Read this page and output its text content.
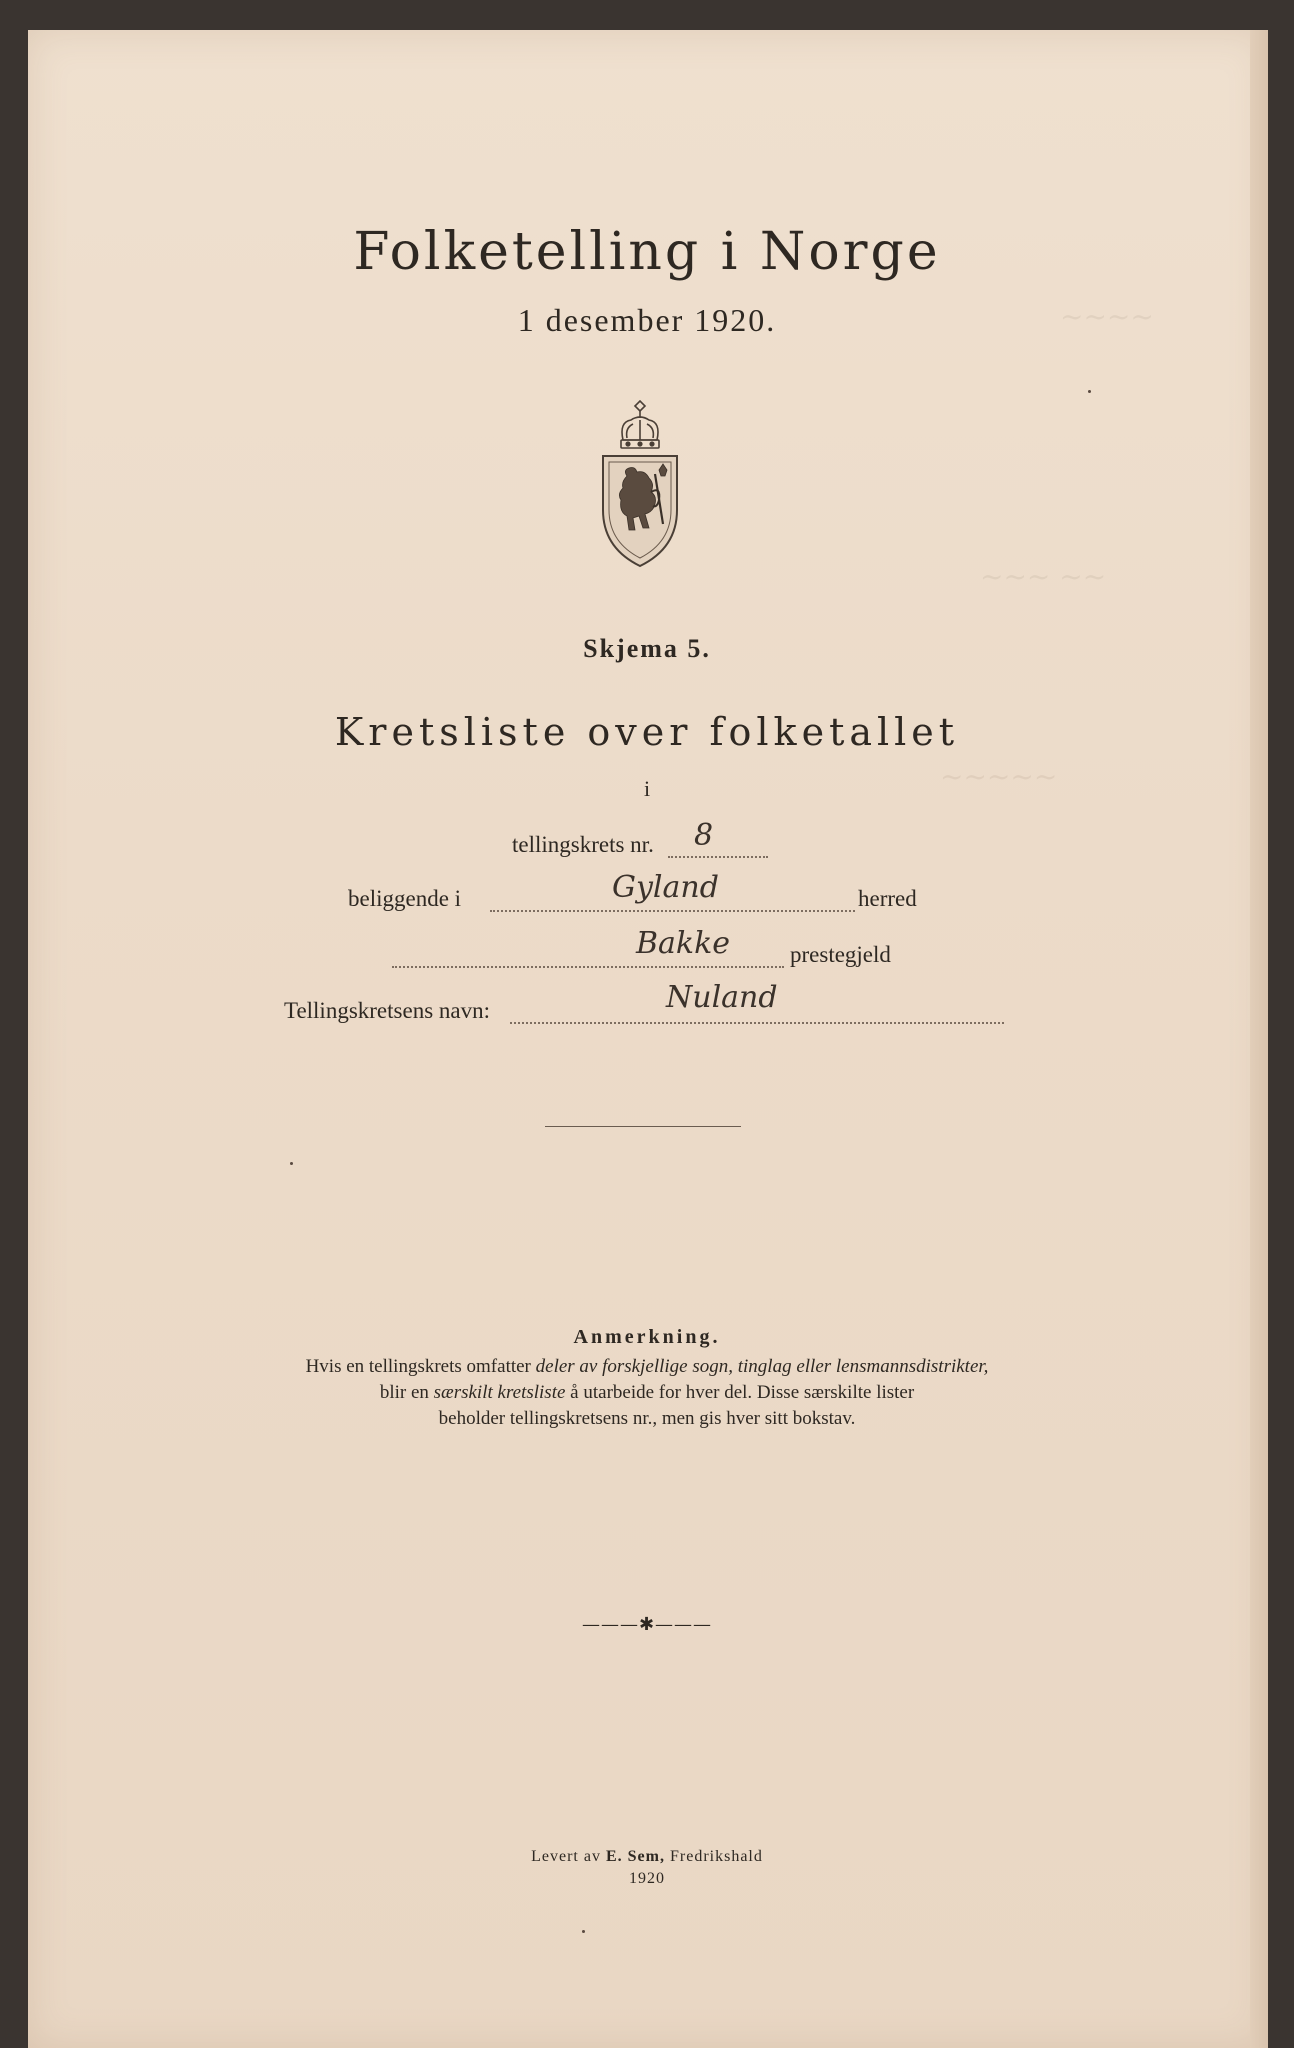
~~~~
~~~ ~~
~~~~~
Folketelling i Norge
1 desember 1920.
Skjema 5.
Kretsliste over folketallet
i
tellingskrets nr. 8
beliggende i	Gyland	herred
Bakke	prestegjeld
Tellingskretsens navn:	Nuland
Anmerkning.
Hvis en tellingskrets omfatter deler av forskjellige sogn, tinglag eller lensmannsdistrikter,
blir en særskilt kretsliste å utarbeide for hver del. Disse særskilte lister
beholder tellingskretsens nr., men gis hver sitt bokstav.
———✱———
Levert av E. Sem, Fredrikshald
1920
